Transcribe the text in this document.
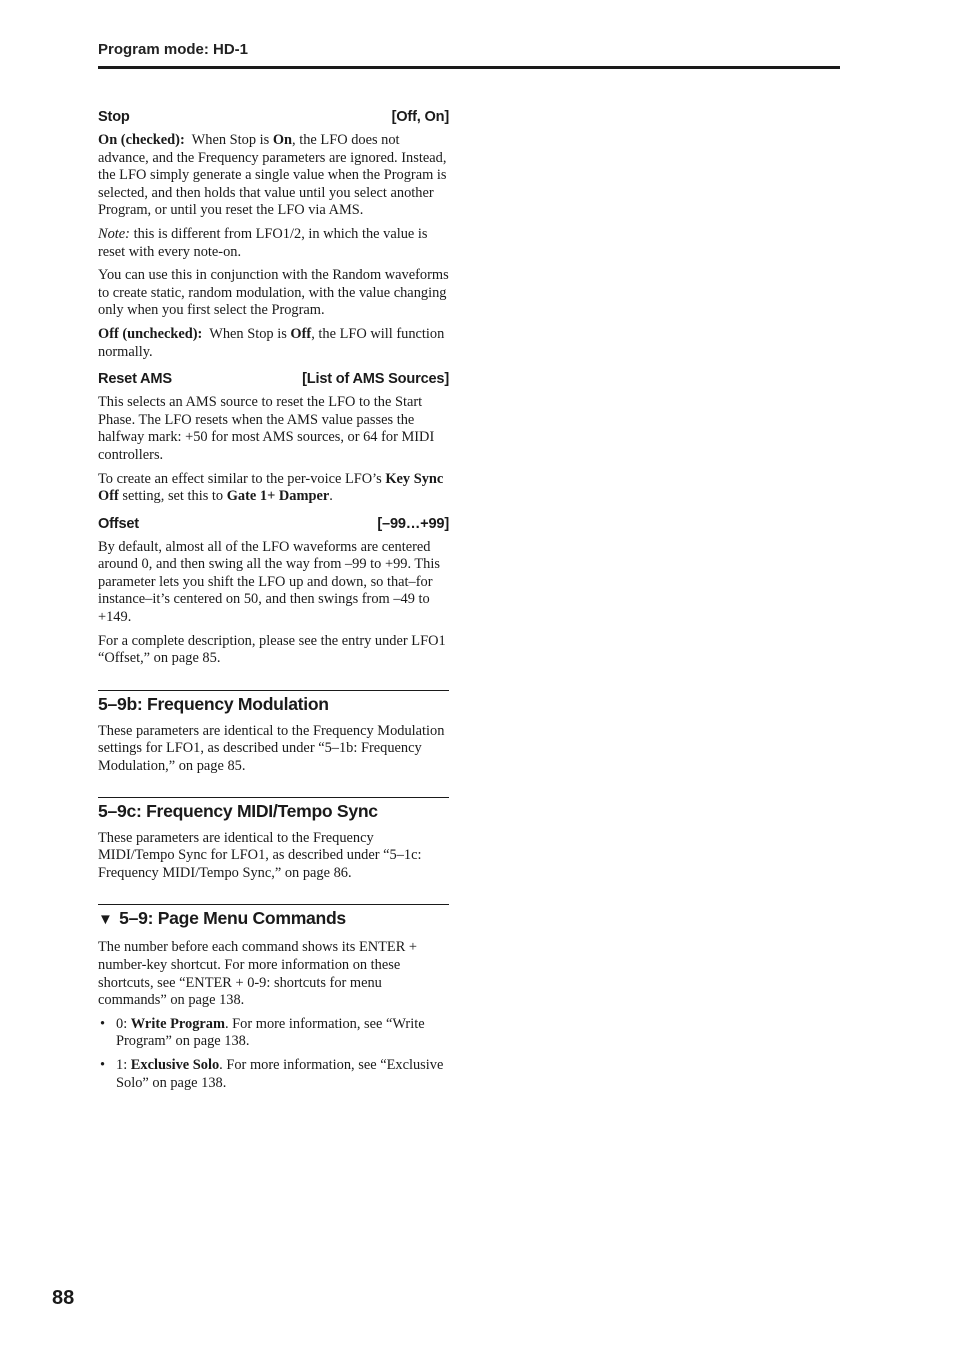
Program mode: HD-1
Stop	[Off, On]

On (checked): When Stop is On, the LFO does not advance, and the Frequency parameters are ignored. Instead, the LFO simply generate a single value when the Program is selected, and then holds that value until you select another Program, or until you reset the LFO via AMS.

Note: this is different from LFO1/2, in which the value is reset with every note-on.

You can use this in conjunction with the Random waveforms to create static, random modulation, with the value changing only when you first select the Program.

Off (unchecked): When Stop is Off, the LFO will function normally.

Reset AMS	[List of AMS Sources]

This selects an AMS source to reset the LFO to the Start Phase. The LFO resets when the AMS value passes the halfway mark: +50 for most AMS sources, or 64 for MIDI controllers.

To create an effect similar to the per-voice LFO’s Key Sync Off setting, set this to Gate 1+ Damper.

Offset	[–99…+99]

By default, almost all of the LFO waveforms are centered around 0, and then swing all the way from –99 to +99. This parameter lets you shift the LFO up and down, so that–for instance–it’s centered on 50, and then swings from –49 to +149.

For a complete description, please see the entry under LFO1 “Offset,” on page 85.

5–9b: Frequency Modulation

These parameters are identical to the Frequency Modulation settings for LFO1, as described under “5–1b: Frequency Modulation,” on page 85.

5–9c: Frequency MIDI/Tempo Sync

These parameters are identical to the Frequency MIDI/Tempo Sync for LFO1, as described under “5–1c: Frequency MIDI/Tempo Sync,” on page 86.

▼ 5–9: Page Menu Commands

The number before each command shows its ENTER + number-key shortcut. For more information on these shortcuts, see “ENTER + 0-9: shortcuts for menu commands” on page 138.

• 0: Write Program. For more information, see “Write Program” on page 138.
• 1: Exclusive Solo. For more information, see “Exclusive Solo” on page 138.
88
